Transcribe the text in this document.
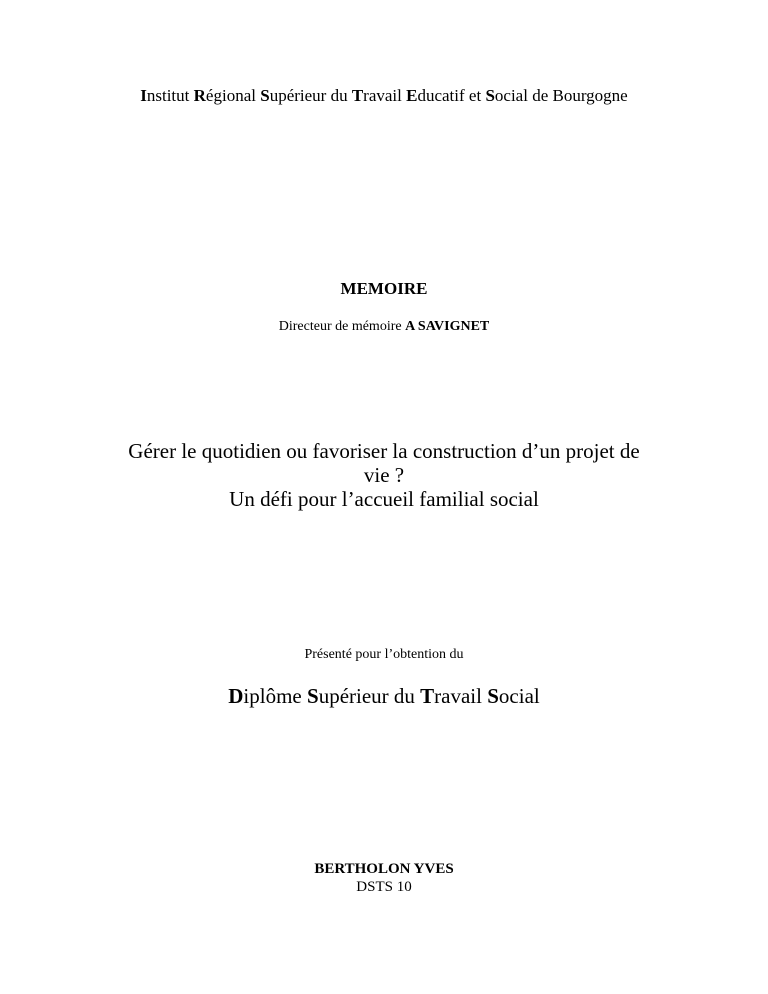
Institut Régional Supérieur du Travail Educatif et Social de Bourgogne
MEMOIRE
Directeur de mémoire A SAVIGNET
Gérer le quotidien ou favoriser la construction d’un projet de
vie ?
Un défi pour l’accueil familial social
Présenté pour l’obtention du
Diplôme Supérieur du Travail Social
BERTHOLON YVES
DSTS 10
